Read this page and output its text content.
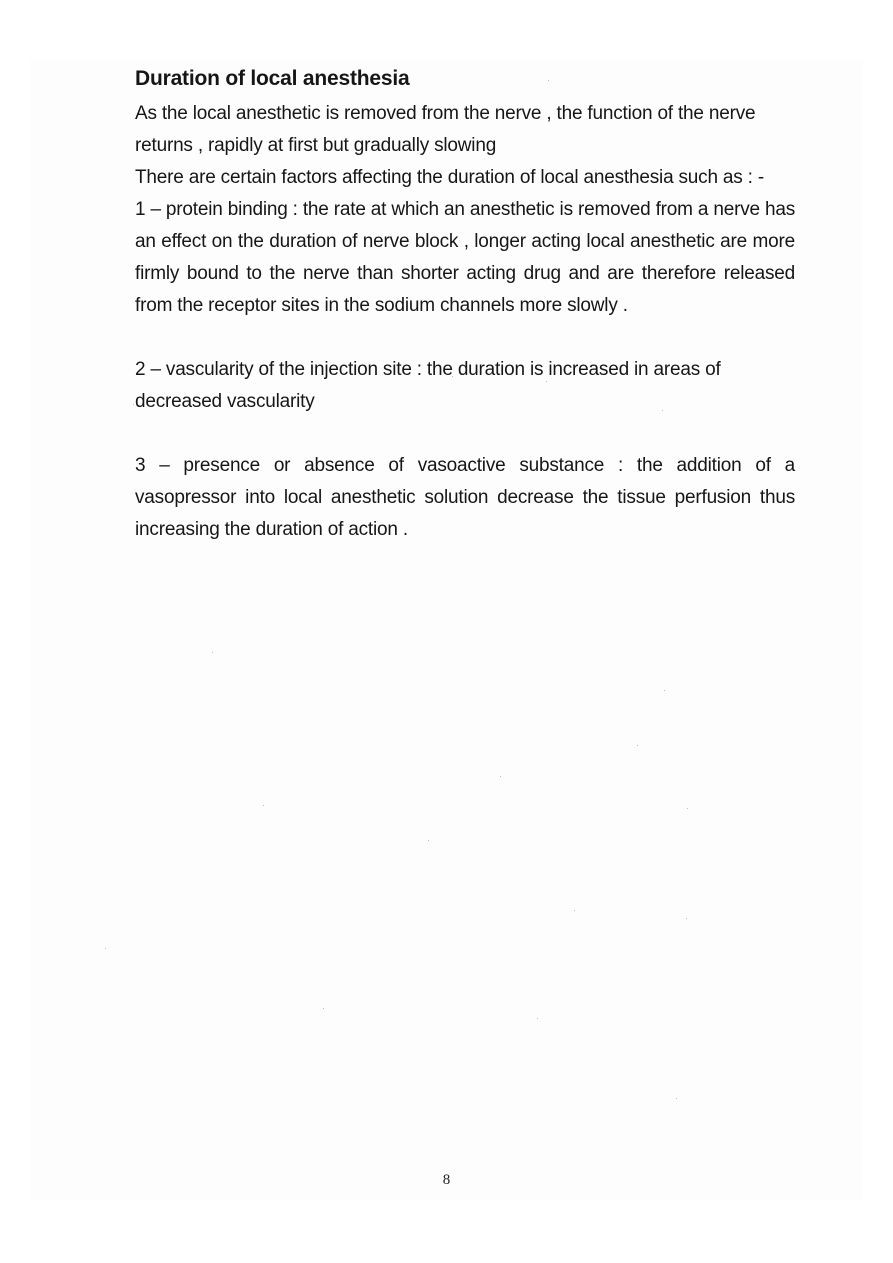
Duration of local anesthesia

As the local anesthetic is removed from the nerve , the function of the nerve returns , rapidly at first but gradually slowing

There are certain factors affecting the duration of local anesthesia such as : -

1 – protein binding : the rate at which an anesthetic is removed from a nerve has an effect on the duration of nerve block , longer acting local anesthetic are more firmly bound to the nerve than shorter acting drug and are therefore released from the receptor sites in the sodium channels more slowly .

2 – vascularity of the injection site : the duration is increased in areas of decreased vascularity

3 – presence or absence of vasoactive substance : the addition of a vasopressor into local anesthetic solution decrease the tissue perfusion thus increasing the duration of action .

8
